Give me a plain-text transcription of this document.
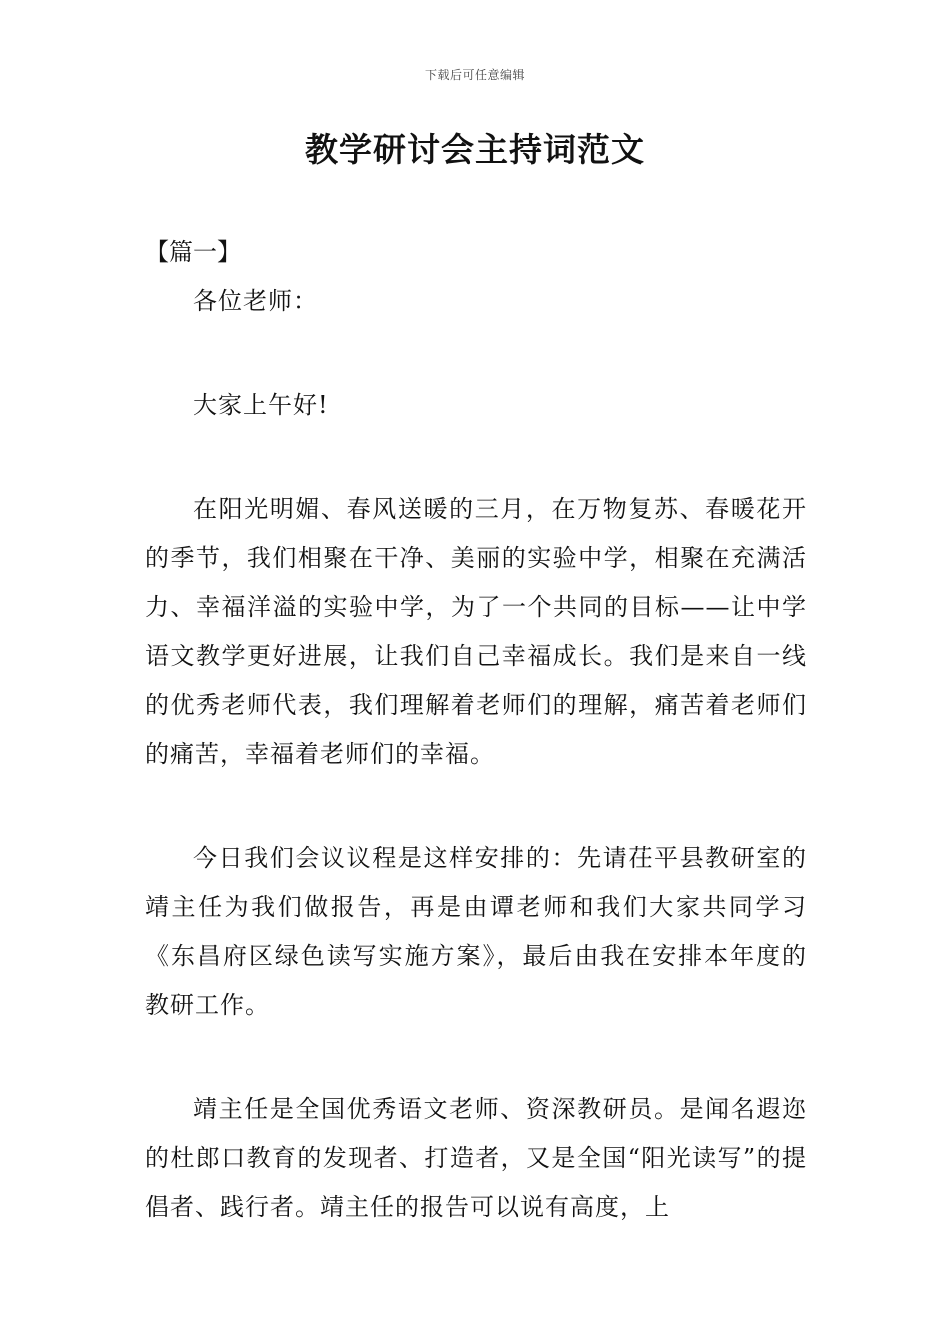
下载后可任意编辑
教学研讨会主持词范文

【篇一】

各位老师：

大家上午好!

在阳光明媚、春风送暖的三月，在万物复苏、春暖花开的季节，我们相聚在干净、美丽的实验中学，相聚在充满活力、幸福洋溢的实验中学，为了一个共同的目标——让中学语文教学更好进展，让我们自己幸福成长。我们是来自一线的优秀老师代表，我们理解着老师们的理解，痛苦着老师们的痛苦，幸福着老师们的幸福。

今日我们会议议程是这样安排的：先请茌平县教研室的靖主任为我们做报告，再是由谭老师和我们大家共同学习《东昌府区绿色读写实施方案》，最后由我在安排本年度的教研工作。

靖主任是全国优秀语文老师、资深教研员。是闻名遐迩的杜郎口教育的发现者、打造者，又是全国“阳光读写”的提倡者、践行者。靖主任的报告可以说有高度，上
